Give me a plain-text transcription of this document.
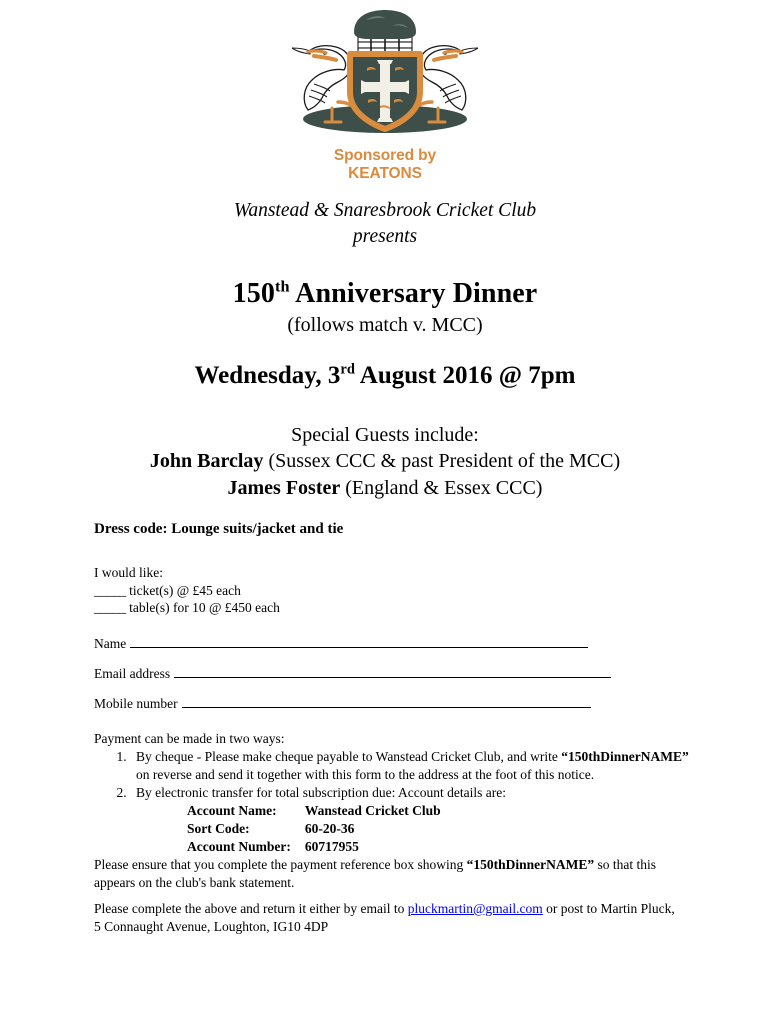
Sponsored by
KEATONS
Wanstead & Snaresbrook Cricket Club
presents
150th Anniversary Dinner
(follows match v. MCC)
Wednesday, 3rd August 2016 @ 7pm
Special Guests include:
John Barclay (Sussex CCC & past President of the MCC)
James Foster (England & Essex CCC)
Dress code: Lounge suits/jacket and tie
I would like:
_____ ticket(s) @ £45 each
_____ table(s) for 10 @ £450 each
Name
Email address
Mobile number

Payment can be made in two ways:

1. By cheque - Please make cheque payable to Wanstead Cricket Club, and write “150thDinnerNAME” on reverse and send it together with this form to the address at the foot of this notice.
2. By electronic transfer for total subscription due: Account details are:
Account Name:	Wanstead Cricket Club
Sort Code:	60-20-36
Account Number:	60717955

Please ensure that you complete the payment reference box showing “150thDinnerNAME” so that this appears on the club's bank statement.

Please complete the above and return it either by email to pluckmartin@gmail.com or post to Martin Pluck, 5 Connaught Avenue, Loughton, IG10 4DP
